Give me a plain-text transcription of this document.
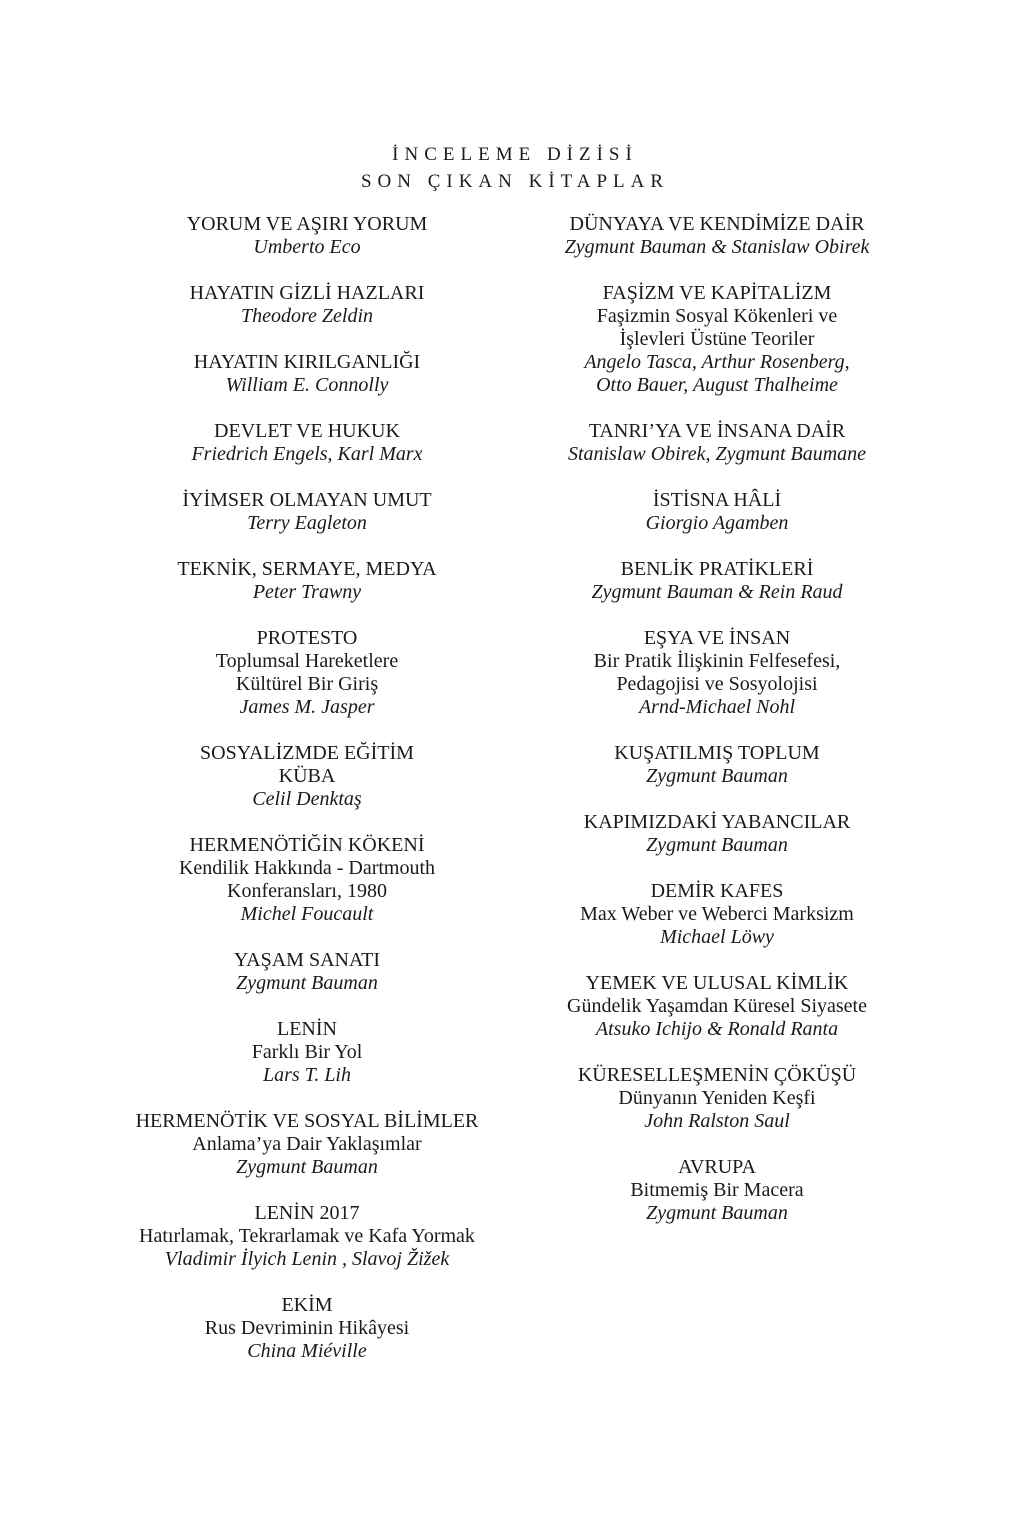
İNCELEME DİZİSİ
SON ÇIKAN KİTAPLAR
YORUM VE AŞIRI YORUM
Umberto Eco
HAYATIN GİZLİ HAZLARI
Theodore Zeldin
HAYATIN KIRILGANLIĞI
William E. Connolly
DEVLET VE HUKUK
Friedrich Engels, Karl Marx
İYİMSER OLMAYAN UMUT
Terry Eagleton
TEKNİK, SERMAYE, MEDYA
Peter Trawny
PROTESTO
Toplumsal Hareketlere
Kültürel Bir Giriş
James M. Jasper
SOSYALİZMDE EĞİTİM
KÜBA
Celil Denktaş
HERMENÖTİĞİN KÖKENİ
Kendilik Hakkında - Dartmouth
Konferansları, 1980
Michel Foucault
YAŞAM SANATI
Zygmunt Bauman
LENİN
Farklı Bir Yol
Lars T. Lih
HERMENÖTİK VE SOSYAL BİLİMLER
Anlama’ya Dair Yaklaşımlar
Zygmunt Bauman
LENİN 2017
Hatırlamak, Tekrarlamak ve Kafa Yormak
Vladimir İlyich Lenin , Slavoj Žižek
EKİM
Rus Devriminin Hikâyesi
China Miéville
DÜNYAYA VE KENDİMİZE DAİR
Zygmunt Bauman & Stanislaw Obirek
FAŞİZM VE KAPİTALİZM
Faşizmin Sosyal Kökenleri ve
İşlevleri Üstüne Teoriler
Angelo Tasca, Arthur Rosenberg,
Otto Bauer, August Thalheime
TANRI’YA VE İNSANA DAİR
Stanislaw Obirek, Zygmunt Baumane
İSTİSNA HÂLİ
Giorgio Agamben
BENLİK PRATİKLERİ
Zygmunt Bauman & Rein Raud
EŞYA VE İNSAN
Bir Pratik İlişkinin Felfesefesi,
Pedagojisi ve Sosyolojisi
Arnd-Michael Nohl
KUŞATILMIŞ TOPLUM
Zygmunt Bauman
KAPIMIZDAKİ YABANCILAR
Zygmunt Bauman
DEMİR KAFES
Max Weber ve Weberci Marksizm
Michael Löwy
YEMEK VE ULUSAL KİMLİK
Gündelik Yaşamdan Küresel Siyasete
Atsuko Ichijo & Ronald Ranta
KÜRESELLEŞMENİN ÇÖKÜŞÜ
Dünyanın Yeniden Keşfi
John Ralston Saul
AVRUPA
Bitmemiş Bir Macera
Zygmunt Bauman
